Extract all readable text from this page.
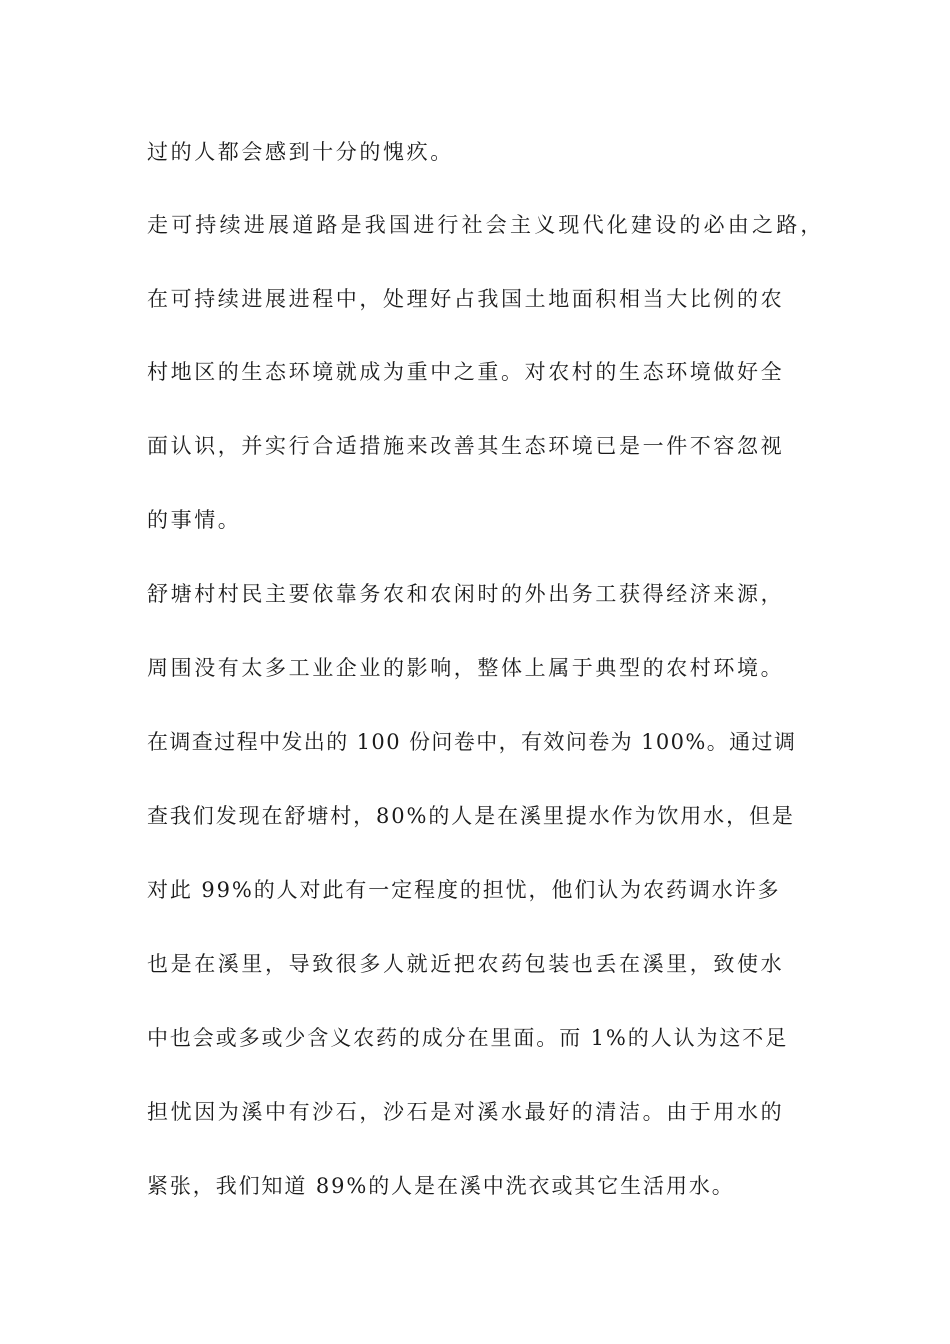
过的人都会感到十分的愧疚。
走可持续进展道路是我国进行社会主义现代化建设的必由之路，
在可持续进展进程中，处理好占我国土地面积相当大比例的农
村地区的生态环境就成为重中之重。对农村的生态环境做好全
面认识，并实行合适措施来改善其生态环境已是一件不容忽视
的事情。
舒塘村村民主要依靠务农和农闲时的外出务工获得经济来源，
周围没有太多工业企业的影响，整体上属于典型的农村环境。
在调查过程中发出的 100 份问卷中，有效问卷为 100%。通过调
查我们发现在舒塘村，80%的人是在溪里提水作为饮用水，但是
对此 99%的人对此有一定程度的担忧，他们认为农药调水许多
也是在溪里，导致很多人就近把农药包装也丢在溪里，致使水
中也会或多或少含义农药的成分在里面。而 1%的人认为这不足
担忧因为溪中有沙石，沙石是对溪水最好的清洁。由于用水的
紧张，我们知道 89%的人是在溪中洗衣或其它生活用水。
